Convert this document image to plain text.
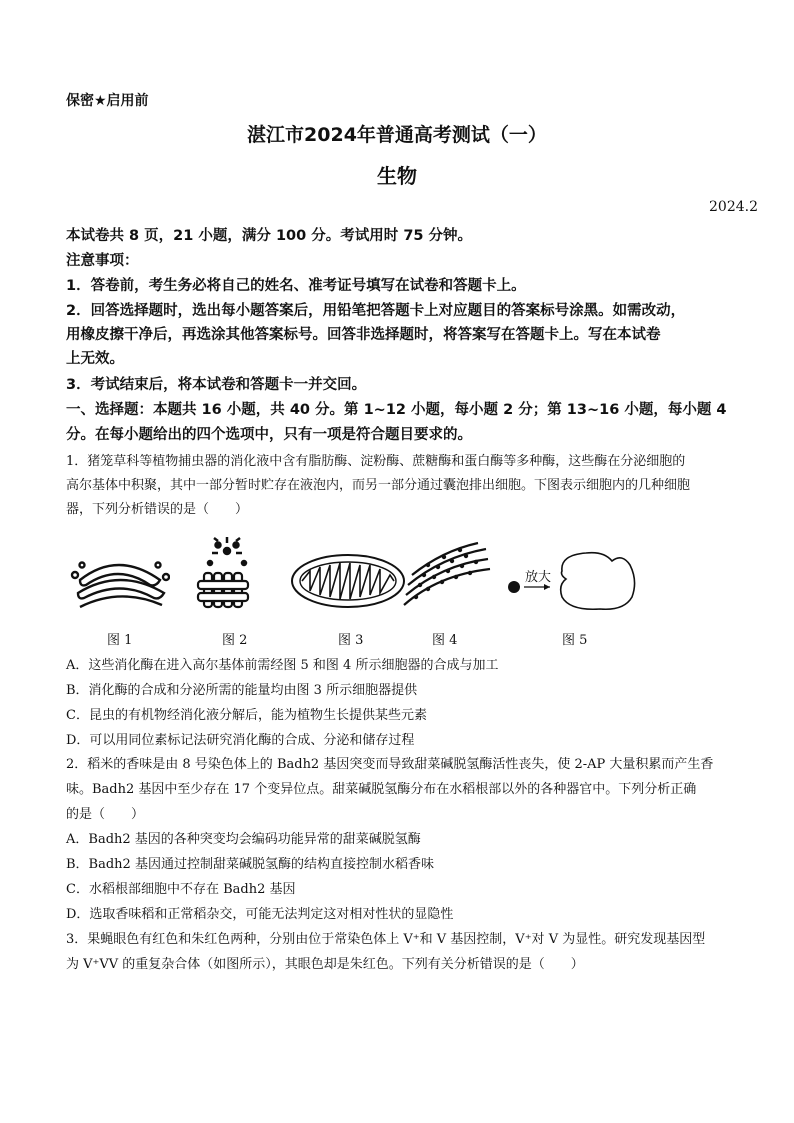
保密★启用前
湛江市2024年普通高考测试（一）
生物
2024.2
本试卷共 8 页，21 小题，满分 100 分。考试用时 75 分钟。
注意事项：
1．答卷前，考生务必将自己的姓名、准考证号填写在试卷和答题卡上。
2．回答选择题时，选出每小题答案后，用铅笔把答题卡上对应题目的答案标号涂黑。如需改动，
用橡皮擦干净后，再选涂其他答案标号。回答非选择题时，将答案写在答题卡上。写在本试卷
上无效。
3．考试结束后，将本试卷和答题卡一并交回。
一、选择题：本题共 16 小题，共 40 分。第 1~12 小题，每小题 2 分；第 13~16 小题，每小题 4
分。在每小题给出的四个选项中，只有一项是符合题目要求的。
1．猪笼草科等植物捕虫器的消化液中含有脂肪酶、淀粉酶、蔗糖酶和蛋白酶等多种酶，这些酶在分泌细胞的
高尔基体中积聚，其中一部分暂时贮存在液泡内，而另一部分通过囊泡排出细胞。下图表示细胞内的几种细胞
器，下列分析错误的是（　　）
放大
图 1	图 2	图 3	图 4	图 5
A．这些消化酶在进入高尔基体前需经图 5 和图 4 所示细胞器的合成与加工
B．消化酶的合成和分泌所需的能量均由图 3 所示细胞器提供
C．昆虫的有机物经消化液分解后，能为植物生长提供某些元素
D．可以用同位素标记法研究消化酶的合成、分泌和储存过程
2．稻米的香味是由 8 号染色体上的 Badh2 基因突变而导致甜菜碱脱氢酶活性丧失，使 2-AP 大量积累而产生香
味。Badh2 基因中至少存在 17 个变异位点。甜菜碱脱氢酶分布在水稻根部以外的各种器官中。下列分析正确
的是（　　）
A．Badh2 基因的各种突变均会编码功能异常的甜菜碱脱氢酶
B．Badh2 基因通过控制甜菜碱脱氢酶的结构直接控制水稻香味
C．水稻根部细胞中不存在 Badh2 基因
D．选取香味稻和正常稻杂交，可能无法判定这对相对性状的显隐性
3．果蝇眼色有红色和朱红色两种，分别由位于常染色体上 V⁺和 V 基因控制，V⁺对 V 为显性。研究发现基因型
为 V⁺VV 的重复杂合体（如图所示），其眼色却是朱红色。下列有关分析错误的是（　　）
